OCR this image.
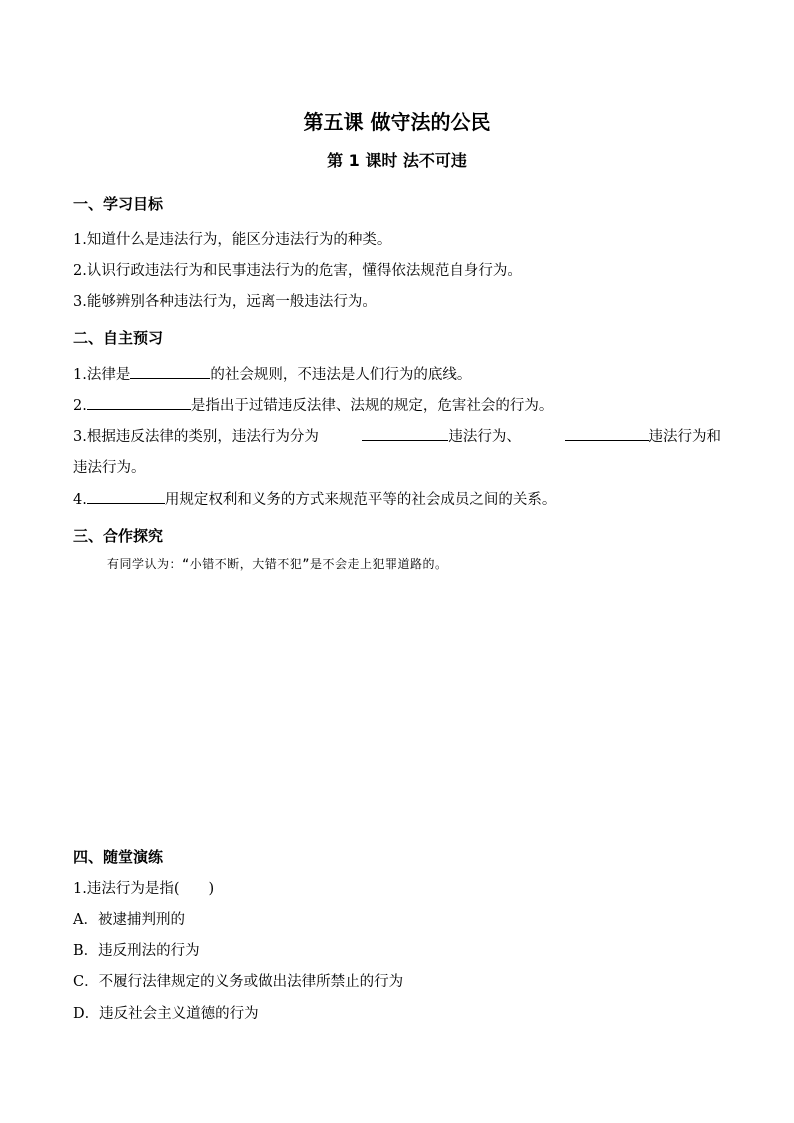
第五课 做守法的公民
第 1 课时 法不可违
一、学习目标
1.知道什么是违法行为，能区分违法行为的种类。
2.认识行政违法行为和民事违法行为的危害，懂得依法规范自身行为。
3.能够辨别各种违法行为，远离一般违法行为。
二、自主预习
1.法律是	的社会规则，不违法是人们行为的底线。
2.	是指出于过错违反法律、法规的规定，危害社会的行为。
3.根据违反法律的类别，违法行为分为	违法行为、	违法行为和
违法行为。
4.	用规定权利和义务的方式来规范平等的社会成员之间的关系。
三、合作探究
有同学认为：“小错不断，大错不犯”是不会走上犯罪道路的。
四、随堂演练
1.违法行为是指(　　)
A．被逮捕判刑的
B．违反刑法的行为
C．不履行法律规定的义务或做出法律所禁止的行为
D．违反社会主义道德的行为
